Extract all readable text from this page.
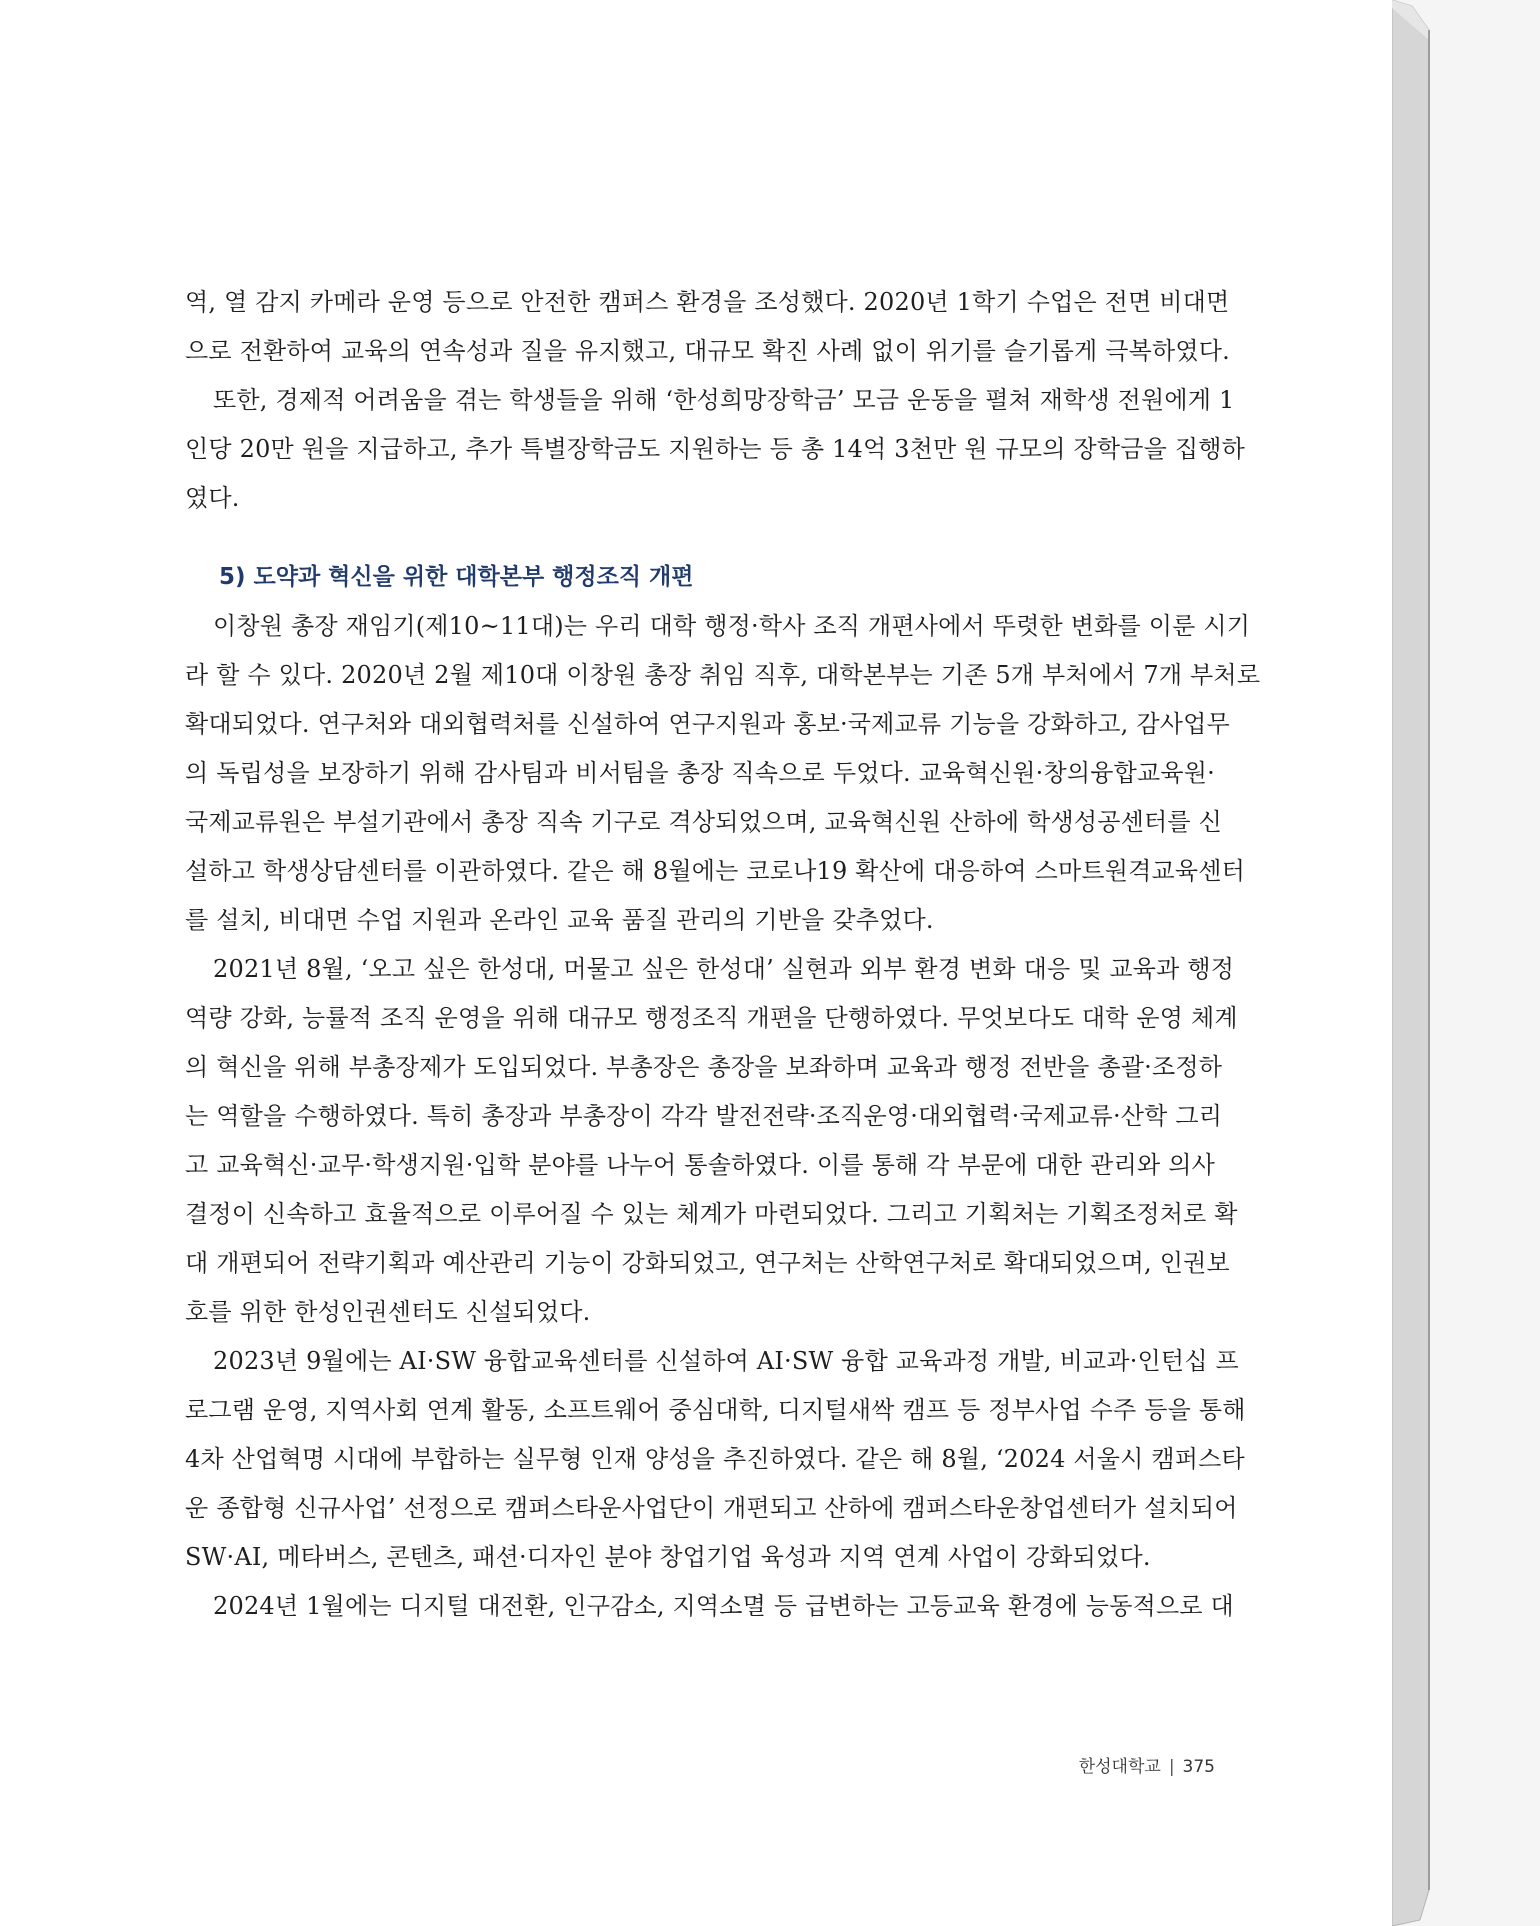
역, 열 감지 카메라 운영 등으로 안전한 캠퍼스 환경을 조성했다. 2020년 1학기 수업은 전면 비대면
으로 전환하여 교육의 연속성과 질을 유지했고, 대규모 확진 사례 없이 위기를 슬기롭게 극복하였다.
또한, 경제적 어려움을 겪는 학생들을 위해 ‘한성희망장학금’ 모금 운동을 펼쳐 재학생 전원에게 1
인당 20만 원을 지급하고, 추가 특별장학금도 지원하는 등 총 14억 3천만 원 규모의 장학금을 집행하
였다.
5) 도약과 혁신을 위한 대학본부 행정조직 개편
이창원 총장 재임기(제10~11대)는 우리 대학 행정·학사 조직 개편사에서 뚜렷한 변화를 이룬 시기
라 할 수 있다. 2020년 2월 제10대 이창원 총장 취임 직후, 대학본부는 기존 5개 부처에서 7개 부처로
확대되었다. 연구처와 대외협력처를 신설하여 연구지원과 홍보·국제교류 기능을 강화하고, 감사업무
의 독립성을 보장하기 위해 감사팀과 비서팀을 총장 직속으로 두었다. 교육혁신원·창의융합교육원·
국제교류원은 부설기관에서 총장 직속 기구로 격상되었으며, 교육혁신원 산하에 학생성공센터를 신
설하고 학생상담센터를 이관하였다. 같은 해 8월에는 코로나19 확산에 대응하여 스마트원격교육센터
를 설치, 비대면 수업 지원과 온라인 교육 품질 관리의 기반을 갖추었다.
2021년 8월, ‘오고 싶은 한성대, 머물고 싶은 한성대’ 실현과 외부 환경 변화 대응 및 교육과 행정
역량 강화, 능률적 조직 운영을 위해 대규모 행정조직 개편을 단행하였다. 무엇보다도 대학 운영 체계
의 혁신을 위해 부총장제가 도입되었다. 부총장은 총장을 보좌하며 교육과 행정 전반을 총괄·조정하
는 역할을 수행하였다. 특히 총장과 부총장이 각각 발전전략·조직운영·대외협력·국제교류·산학 그리
고 교육혁신·교무·학생지원·입학 분야를 나누어 통솔하였다. 이를 통해 각 부문에 대한 관리와 의사
결정이 신속하고 효율적으로 이루어질 수 있는 체계가 마련되었다. 그리고 기획처는 기획조정처로 확
대 개편되어 전략기획과 예산관리 기능이 강화되었고, 연구처는 산학연구처로 확대되었으며, 인권보
호를 위한 한성인권센터도 신설되었다.
2023년 9월에는 AI·SW 융합교육센터를 신설하여 AI·SW 융합 교육과정 개발, 비교과·인턴십 프
로그램 운영, 지역사회 연계 활동, 소프트웨어 중심대학, 디지털새싹 캠프 등 정부사업 수주 등을 통해
4차 산업혁명 시대에 부합하는 실무형 인재 양성을 추진하였다. 같은 해 8월, ‘2024 서울시 캠퍼스타
운 종합형 신규사업’ 선정으로 캠퍼스타운사업단이 개편되고 산하에 캠퍼스타운창업센터가 설치되어
SW·AI, 메타버스, 콘텐츠, 패션·디자인 분야 창업기업 육성과 지역 연계 사업이 강화되었다.
2024년 1월에는 디지털 대전환, 인구감소, 지역소멸 등 급변하는 고등교육 환경에 능동적으로 대
한성대학교 | 375
